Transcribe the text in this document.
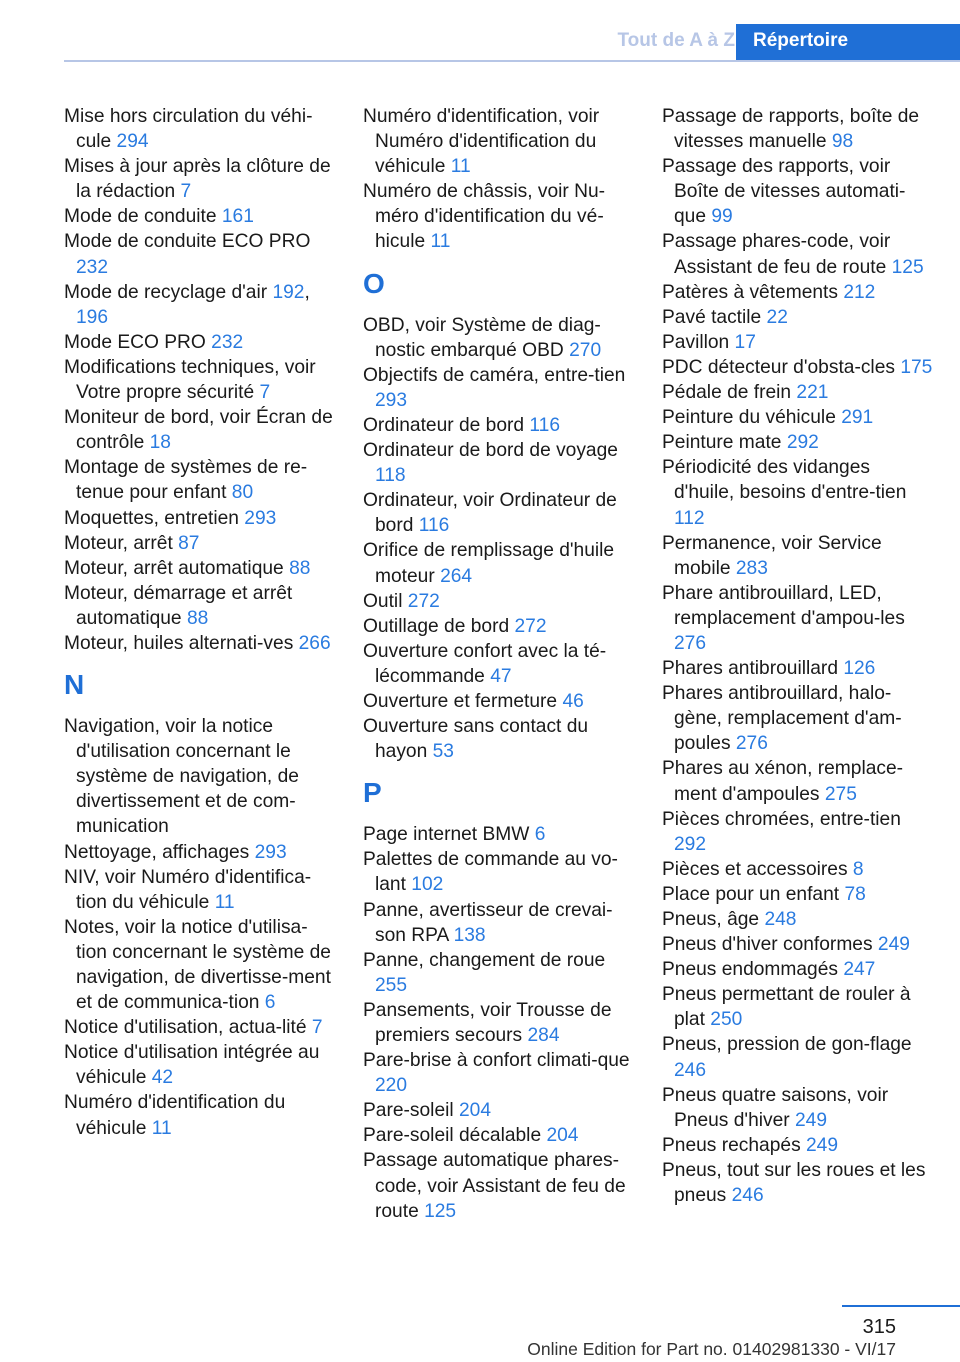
Tout de A à Z Répertoire

Mise hors circulation du véhi-cule 294

Mises à jour après la clôture de la rédaction 7

Mode de conduite 161

Mode de conduite ECO PRO 232

Mode de recyclage d'air 192, 196

Mode ECO PRO 232

Modifications techniques, voir Votre propre sécurité 7

Moniteur de bord, voir Écran de contrôle 18

Montage de systèmes de re-tenue pour enfant 80

Moquettes, entretien 293

Moteur, arrêt 87

Moteur, arrêt automatique 88

Moteur, démarrage et arrêt automatique 88

Moteur, huiles alternati-ves 266

N

Navigation, voir la notice d'utilisation concernant le système de navigation, de divertissement et de com-munication

Nettoyage, affichages 293

NIV, voir Numéro d'identifica-tion du véhicule 11

Notes, voir la notice d'utilisa-tion concernant le système de navigation, de divertisse-ment et de communica-tion 6

Notice d'utilisation, actua-lité 7

Notice d'utilisation intégrée au véhicule 42

Numéro d'identification du véhicule 11

Numéro d'identification, voir Numéro d'identification du véhicule 11

Numéro de châssis, voir Nu-méro d'identification du vé-hicule 11

O

OBD, voir Système de diag-nostic embarqué OBD 270

Objectifs de caméra, entre-tien 293

Ordinateur de bord 116

Ordinateur de bord de voyage 118

Ordinateur, voir Ordinateur de bord 116

Orifice de remplissage d'huile moteur 264

Outil 272

Outillage de bord 272

Ouverture confort avec la té-lécommande 47

Ouverture et fermeture 46

Ouverture sans contact du hayon 53

P

Page internet BMW 6

Palettes de commande au vo-lant 102

Panne, avertisseur de crevai-son RPA 138

Panne, changement de roue 255

Pansements, voir Trousse de premiers secours 284

Pare-brise à confort climati-que 220

Pare-soleil 204

Pare-soleil décalable 204

Passage automatique phares-code, voir Assistant de feu de route 125

Passage de rapports, boîte de vitesses manuelle 98

Passage des rapports, voir Boîte de vitesses automati-que 99

Passage phares-code, voir Assistant de feu de route 125

Patères à vêtements 212

Pavé tactile 22

Pavillon 17

PDC détecteur d'obsta-cles 175

Pédale de frein 221

Peinture du véhicule 291

Peinture mate 292

Périodicité des vidanges d'huile, besoins d'entre-tien 112

Permanence, voir Service mobile 283

Phare antibrouillard, LED, remplacement d'ampou-les 276

Phares antibrouillard 126

Phares antibrouillard, halo-gène, remplacement d'am-poules 276

Phares au xénon, remplace-ment d'ampoules 275

Pièces chromées, entre-tien 292

Pièces et accessoires 8

Place pour un enfant 78

Pneus, âge 248

Pneus d'hiver conformes 249

Pneus endommagés 247

Pneus permettant de rouler à plat 250

Pneus, pression de gon-flage 246

Pneus quatre saisons, voir Pneus d'hiver 249

Pneus rechapés 249

Pneus, tout sur les roues et les pneus 246

315
Online Edition for Part no. 01402981330 - VI/17
